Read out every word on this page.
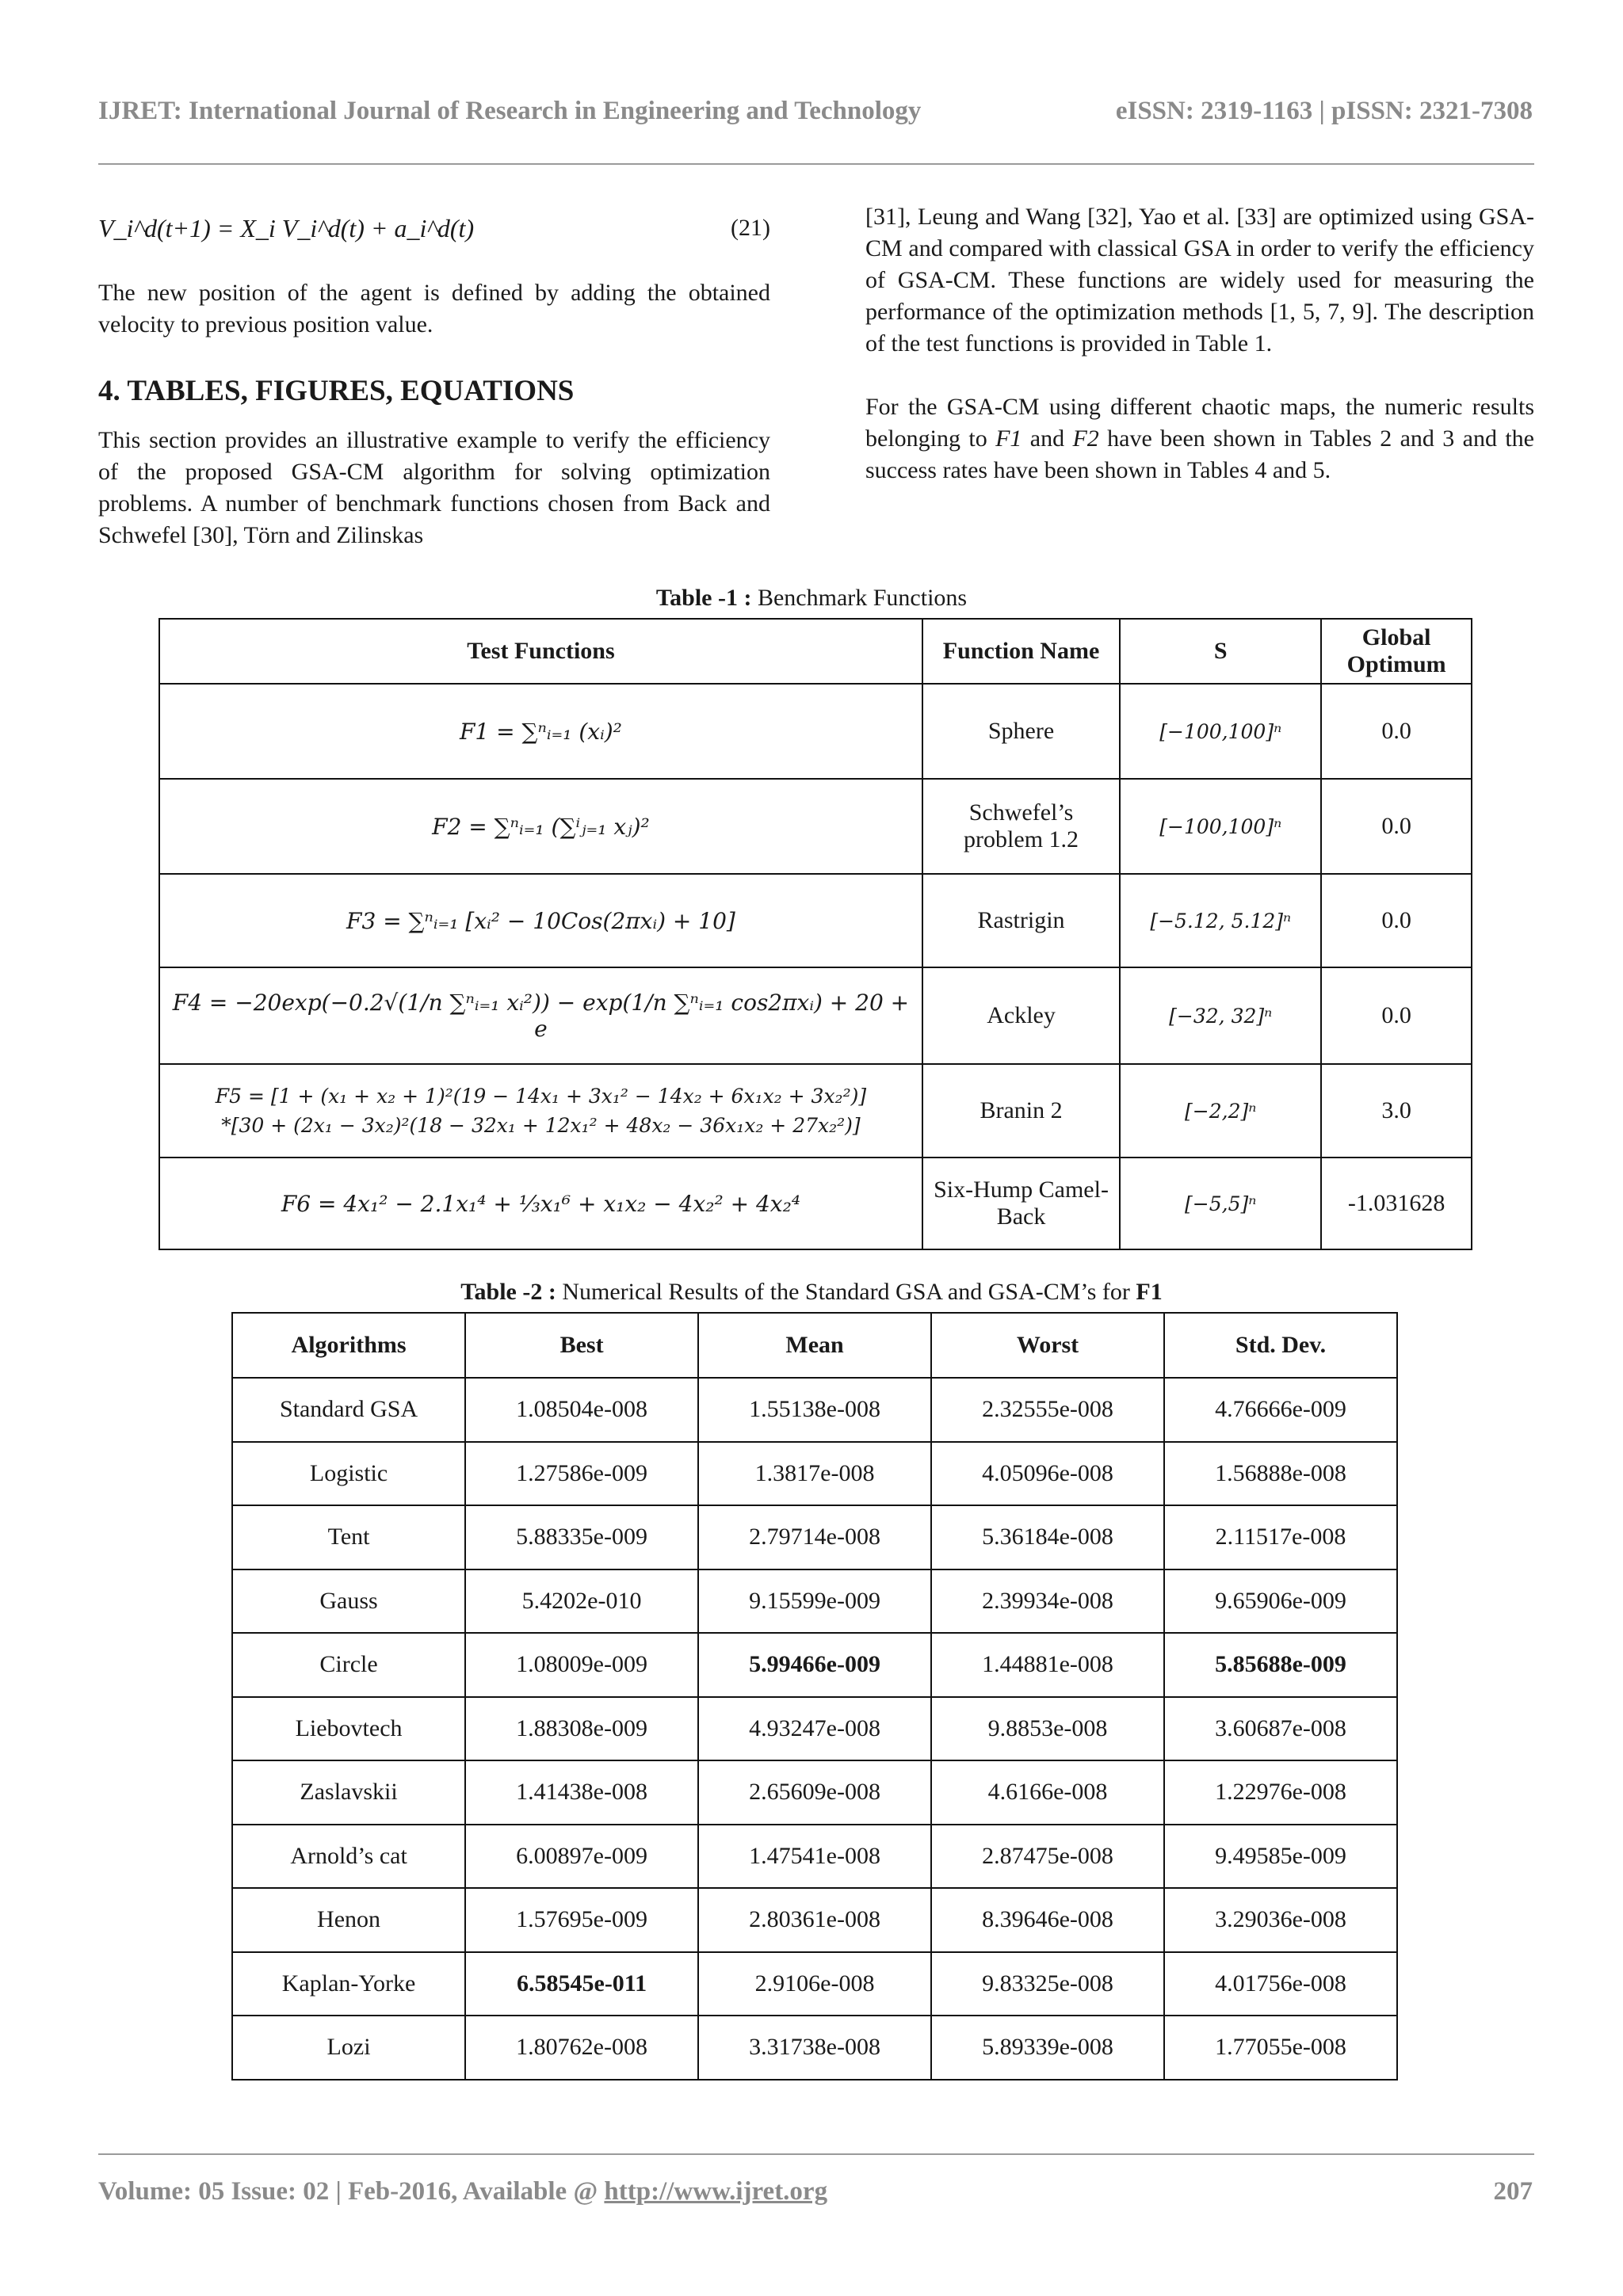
IJRET: International Journal of Research in Engineering and Technology	eISSN: 2319-1163 | pISSN: 2321-7308
V_i^d(t+1) = X_i V_i^d(t) + a_i^d(t)	(21)

The new position of the agent is defined by adding the obtained velocity to previous position value.

4. TABLES, FIGURES, EQUATIONS

This section provides an illustrative example to verify the efficiency of the proposed GSA-CM algorithm for solving optimization problems. A number of benchmark functions chosen from Back and Schwefel [30], Törn and Zilinskas

[31], Leung and Wang [32], Yao et al. [33] are optimized using GSA-CM and compared with classical GSA in order to verify the efficiency of GSA-CM. These functions are widely used for measuring the performance of the optimization methods [1, 5, 7, 9]. The description of the test functions is provided in Table 1.

For the GSA-CM using different chaotic maps, the numeric results belonging to F1 and F2 have been shown in Tables 2 and 3 and the success rates have been shown in Tables 4 and 5.

Table -1 : Benchmark Functions
Test Functions	Function Name	S	Global Optimum
F1 = ∑ⁿᵢ₌₁ (xᵢ)²	Sphere	[−100,100]ⁿ	0.0
F2 = ∑ⁿᵢ₌₁ (∑ⁱⱼ₌₁ xⱼ)²	Schwefel’s problem 1.2	[−100,100]ⁿ	0.0
F3 = ∑ⁿᵢ₌₁ [xᵢ² − 10Cos(2πxᵢ) + 10]	Rastrigin	[−5.12, 5.12]ⁿ	0.0
F4 = −20exp(−0.2√(1/n ∑ⁿᵢ₌₁ xᵢ²)) − exp(1/n ∑ⁿᵢ₌₁ cos2πxᵢ) + 20 + e	Ackley	[−32, 32]ⁿ	0.0

F5 = [1 + (x₁ + x₂ + 1)²(19 − 14x₁ + 3x₁² − 14x₂ + 6x₁x₂ + 3x₂²)]
*[30 + (2x₁ − 3x₂)²(18 − 32x₁ + 12x₁² + 48x₂ − 36x₁x₂ + 27x₂²)]	Branin 2	[−2,2]ⁿ	3.0
F6 = 4x₁² − 2.1x₁⁴ + ⅓x₁⁶ + x₁x₂ − 4x₂² + 4x₂⁴	Six-Hump Camel-Back	[−5,5]ⁿ	-1.031628
Table -2 : Numerical Results of the Standard GSA and GSA-CM’s for F1
Algorithms	Best	Mean	Worst	Std. Dev.
Standard GSA	1.08504e-008	1.55138e-008	2.32555e-008	4.76666e-009
Logistic	1.27586e-009	1.3817e-008	4.05096e-008	1.56888e-008
Tent	5.88335e-009	2.79714e-008	5.36184e-008	2.11517e-008
Gauss	5.4202e-010	9.15599e-009	2.39934e-008	9.65906e-009
Circle	1.08009e-009	5.99466e-009	1.44881e-008	5.85688e-009
Liebovtech	1.88308e-009	4.93247e-008	9.8853e-008	3.60687e-008
Zaslavskii	1.41438e-008	2.65609e-008	4.6166e-008	1.22976e-008
Arnold’s cat	6.00897e-009	1.47541e-008	2.87475e-008	9.49585e-009
Henon	1.57695e-009	2.80361e-008	8.39646e-008	3.29036e-008
Kaplan-Yorke	6.58545e-011	2.9106e-008	9.83325e-008	4.01756e-008
Lozi	1.80762e-008	3.31738e-008	5.89339e-008	1.77055e-008
Volume: 05 Issue: 02 | Feb-2016, Available @ http://www.ijret.org	207
